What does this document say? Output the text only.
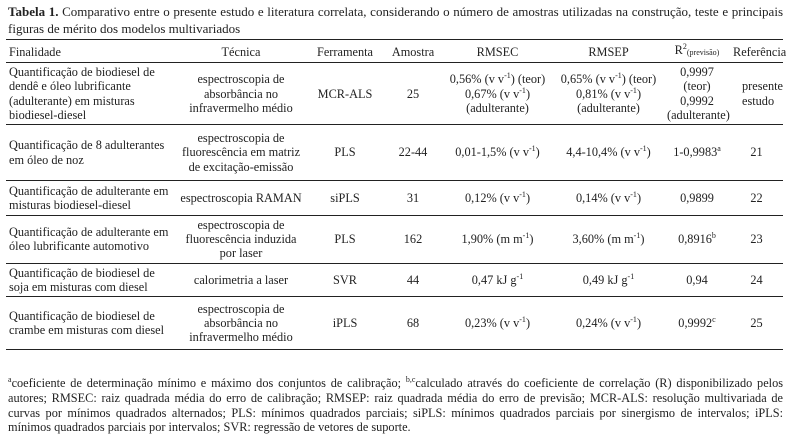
Tabela 1. Comparativo entre o presente estudo e literatura correlata, considerando o número de amostras utilizadas na construção, teste e principais figuras de mérito dos modelos multivariados
Finalidade	Técnica	Ferramenta	Amostra	RMSEC	RMSEP	$R^2(previsão)$	Referência
Quantificação de biodiesel de dendê e óleo lubrificante (adulterante) em misturas biodiesel-diesel	espectroscopia de absorbância no infravermelho médio	MCR-ALS	25	0,56% (v $v^{-1}$) (teor)
0,67% (v $v^{-1}$)
(adulterante)	0,65% (v $v^{-1}$) (teor)
0,81% (v $v^{-1}$)
(adulterante)	0,9997 (teor)
0,9992
(adulterante)	presente estudo
Quantificação de 8 adulterantes em óleo de noz	espectroscopia de fluorescência em matriz de excitação-emissão	PLS	22-44	0,01-1,5% (v $v^{-1}$)	4,4-10,4% (v $v^{-1}$)	1-0,9983$^a$	21
Quantificação de adulterante em misturas biodiesel-diesel	espectroscopia RAMAN	siPLS	31	0,12% (v $v^{-1}$)	0,14% (v $v^{-1}$)	0,9899	22
Quantificação de adulterante em óleo lubrificante automotivo	espectroscopia de fluorescência induzida por laser	PLS	162	1,90% (m $m^{-1}$)	3,60% (m $m^{-1}$)	0,8916$^b$	23
Quantificação de biodiesel de soja em misturas com diesel	calorimetria a laser	SVR	44	0,47 kJ $g^{-1}$	0,49 kJ $g^{-1}$	0,94	24
Quantificação de biodiesel de crambe em misturas com diesel	espectroscopia de absorbância no infravermelho médio	iPLS	68	0,23% (v $v^{-1}$)	0,24% (v $v^{-1}$)	0,9992$^c$	25
$^a$coeficiente de determinação mínimo e máximo dos conjuntos de calibração; $^{b,c}$calculado através do coeficiente de correlação (R) disponibilizado pelos autores; RMSEC: raiz quadrada média do erro de calibração; RMSEP: raiz quadrada média do erro de previsão; MCR-ALS: resolução multivariada de curvas por mínimos quadrados alternados; PLS: mínimos quadrados parciais; siPLS: mínimos quadrados parciais por sinergismo de intervalos; iPLS: mínimos quadrados parciais por intervalos; SVR: regressão de vetores de suporte.
